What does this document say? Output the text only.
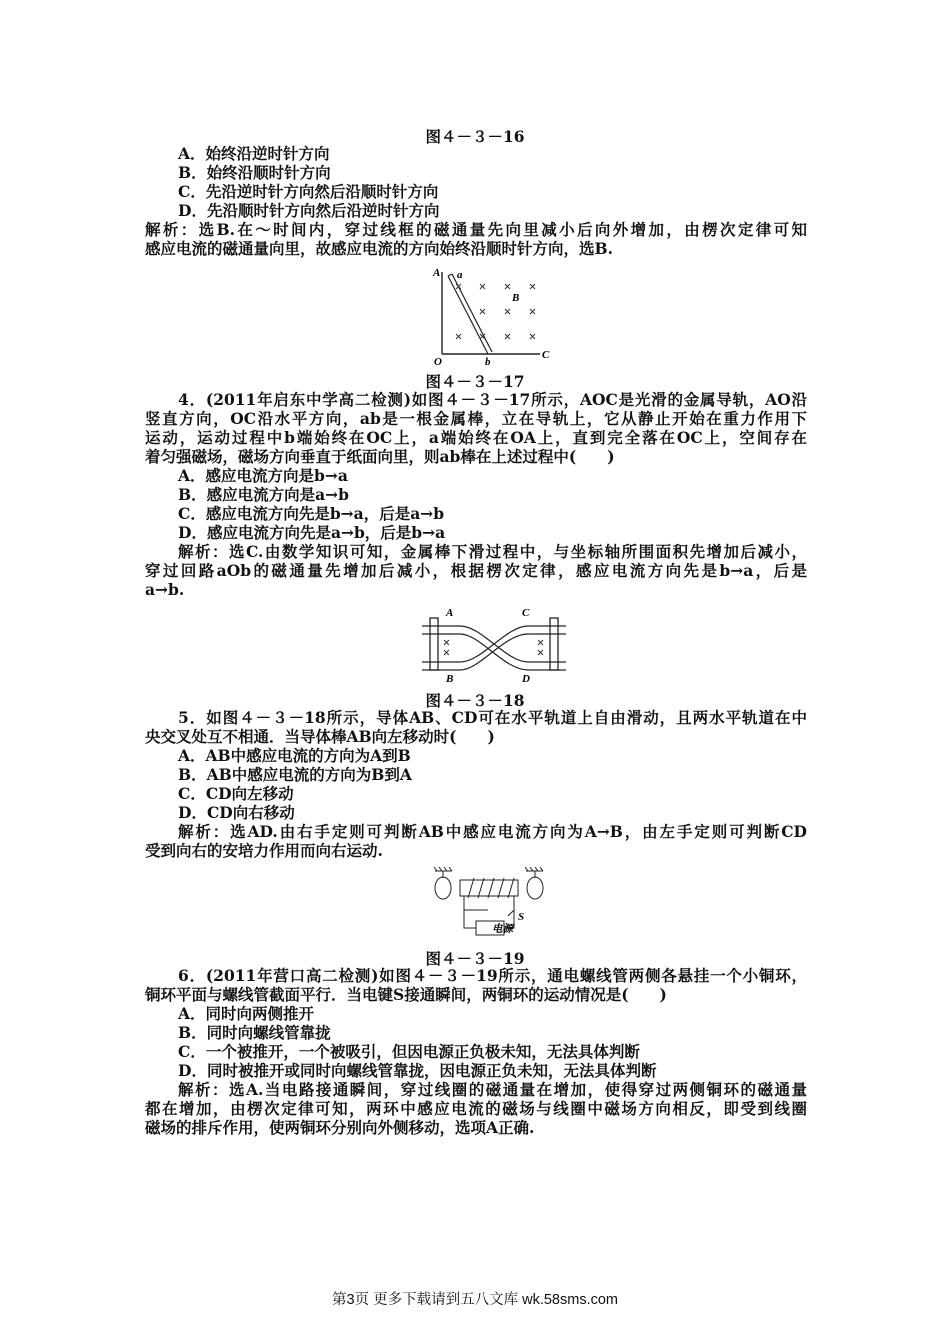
图４－３－16
A．始终沿逆时针方向
B．始终沿顺时针方向
C．先沿逆时针方向然后沿顺时针方向
D．先沿顺时针方向然后沿逆时针方向
解析：选B.在～时间内，穿过线框的磁通量先向里减小后向外增加，由楞次定律可知
感应电流的磁通量向里，故感应电流的方向始终沿顺时针方向，选B.
A a
B
O	b
C
图４－３－17
4．(2011年启东中学高二检测)如图４－３－17所示，AOC是光滑的金属导轨，AO沿
竖直方向，OC沿水平方向，ab是一根金属棒，立在导轨上，它从静止开始在重力作用下
运动，运动过程中b端始终在OC上，a端始终在OA上，直到完全落在OC上，空间存在
着匀强磁场，磁场方向垂直于纸面向里，则ab棒在上述过程中(　　)
A．感应电流方向是b→a
B．感应电流方向是a→b
C．感应电流方向先是b→a，后是a→b
D．感应电流方向先是a→b，后是b→a
解析：选C.由数学知识可知，金属棒下滑过程中，与坐标轴所围面积先增加后减小，
穿过回路aOb的磁通量先增加后减小，根据楞次定律，感应电流方向先是b→a，后是
a→b.
A
B
C
D
图４－３－18
5．如图４－３－18所示，导体AB、CD可在水平轨道上自由滑动，且两水平轨道在中
央交叉处互不相通．当导体棒AB向左移动时(　　)
A．AB中感应电流的方向为A到B
B．AB中感应电流的方向为B到A
C．CD向左移动
D．CD向右移动
解析：选AD.由右手定则可判断AB中感应电流方向为A→B，由左手定则可判断CD
受到向右的安培力作用而向右运动.
电源
S
图４－３－19
6．(2011年营口高二检测)如图４－３－19所示，通电螺线管两侧各悬挂一个小铜环，
铜环平面与螺线管截面平行．当电键S接通瞬间，两铜环的运动情况是(　　)
A．同时向两侧推开
B．同时向螺线管靠拢
C．一个被推开，一个被吸引，但因电源正负极未知，无法具体判断
D．同时被推开或同时向螺线管靠拢，因电源正负未知，无法具体判断
解析：选A.当电路接通瞬间，穿过线圈的磁通量在增加，使得穿过两侧铜环的磁通量
都在增加，由楞次定律可知，两环中感应电流的磁场与线圈中磁场方向相反，即受到线圈
磁场的排斥作用，使两铜环分别向外侧移动，选项A正确.
第3页 更多下载请到五八文库 wk.58sms.com
